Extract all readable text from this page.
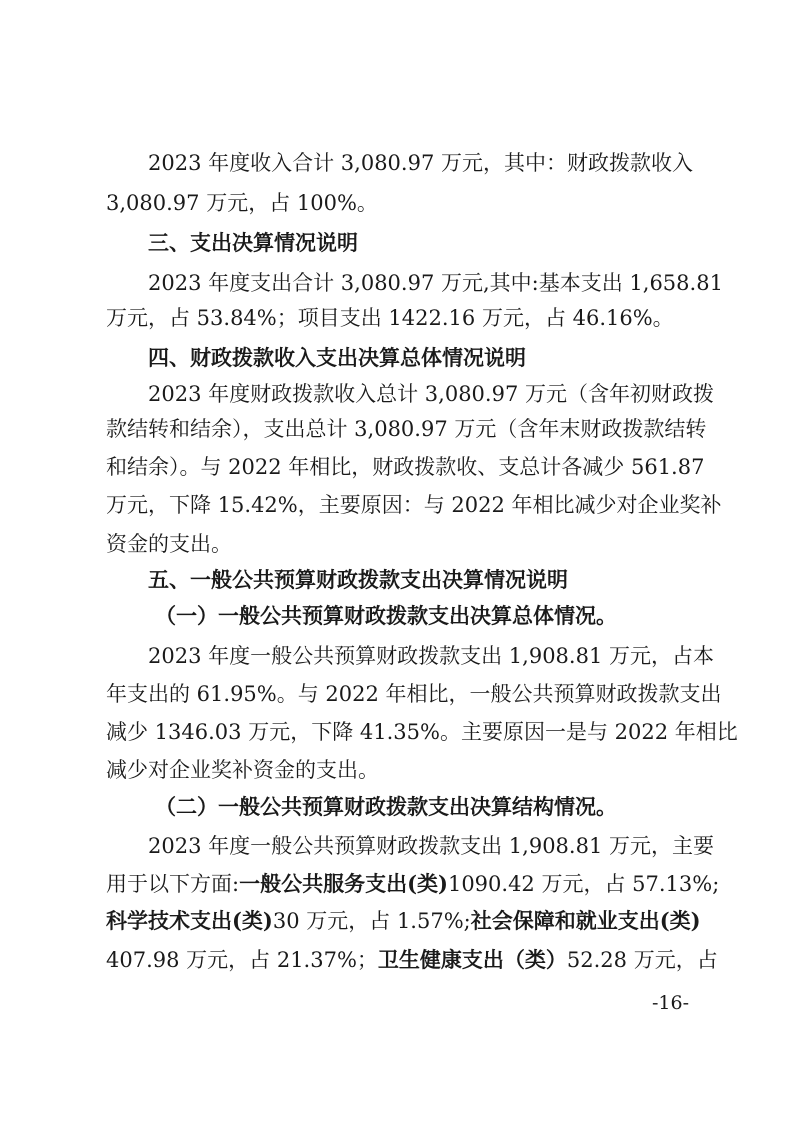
2023 年度收入合计 3,080.97 万元，其中：财政拨款收入
3,080.97 万元，占 100%。
三、支出决算情况说明
2023 年度支出合计 3,080.97 万元,其中:基本支出 1,658.81
万元，占 53.84%；项目支出 1422.16 万元，占 46.16%。
四、财政拨款收入支出决算总体情况说明
2023 年度财政拨款收入总计 3,080.97 万元（含年初财政拨
款结转和结余），支出总计 3,080.97 万元（含年末财政拨款结转
和结余）。与 2022 年相比，财政拨款收、支总计各减少 561.87
万元，下降 15.42%，主要原因：与 2022 年相比减少对企业奖补
资金的支出。
五、一般公共预算财政拨款支出决算情况说明
（一）一般公共预算财政拨款支出决算总体情况。
2023 年度一般公共预算财政拨款支出 1,908.81 万元，占本
年支出的 61.95%。与 2022 年相比，一般公共预算财政拨款支出
减少 1346.03 万元，下降 41.35%。主要原因一是与 2022 年相比
减少对企业奖补资金的支出。
（二）一般公共预算财政拨款支出决算结构情况。
2023 年度一般公共预算财政拨款支出 1,908.81 万元，主要
用于以下方面:一般公共服务支出(类)1090.42 万元，占 57.13%;
科学技术支出(类)30 万元，占 1.57%;社会保障和就业支出(类)
407.98 万元，占 21.37%；卫生健康支出（类）52.28 万元，占
-16-
